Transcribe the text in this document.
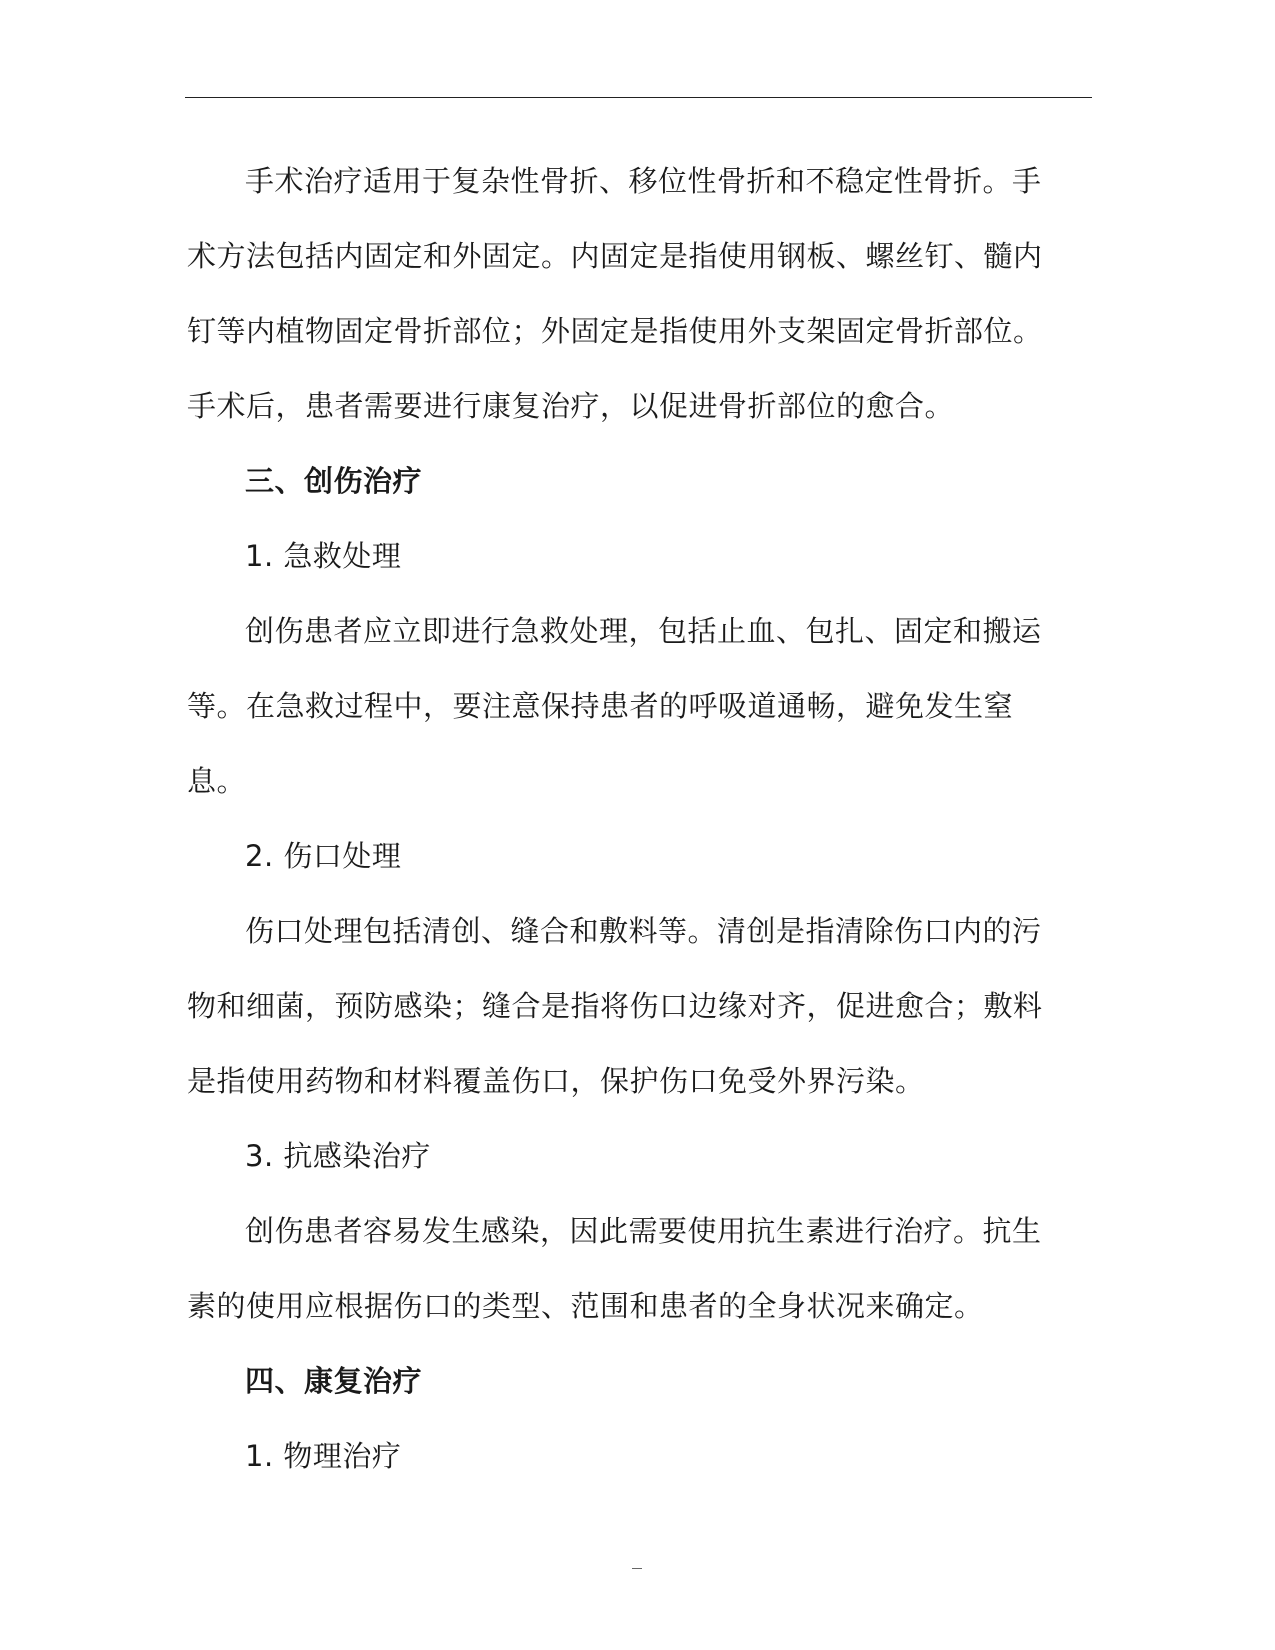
手术治疗适用于复杂性骨折、移位性骨折和不稳定性骨折。手术方法包括内固定和外固定。内固定是指使用钢板、螺丝钉、髓内钉等内植物固定骨折部位；外固定是指使用外支架固定骨折部位。手术后，患者需要进行康复治疗，以促进骨折部位的愈合。

三、创伤治疗

1. 急救处理

创伤患者应立即进行急救处理，包括止血、包扎、固定和搬运等。在急救过程中，要注意保持患者的呼吸道通畅，避免发生窒息。

2. 伤口处理

伤口处理包括清创、缝合和敷料等。清创是指清除伤口内的污物和细菌，预防感染；缝合是指将伤口边缘对齐，促进愈合；敷料是指使用药物和材料覆盖伤口，保护伤口免受外界污染。

3. 抗感染治疗

创伤患者容易发生感染，因此需要使用抗生素进行治疗。抗生素的使用应根据伤口的类型、范围和患者的全身状况来确定。

四、康复治疗

1. 物理治疗
